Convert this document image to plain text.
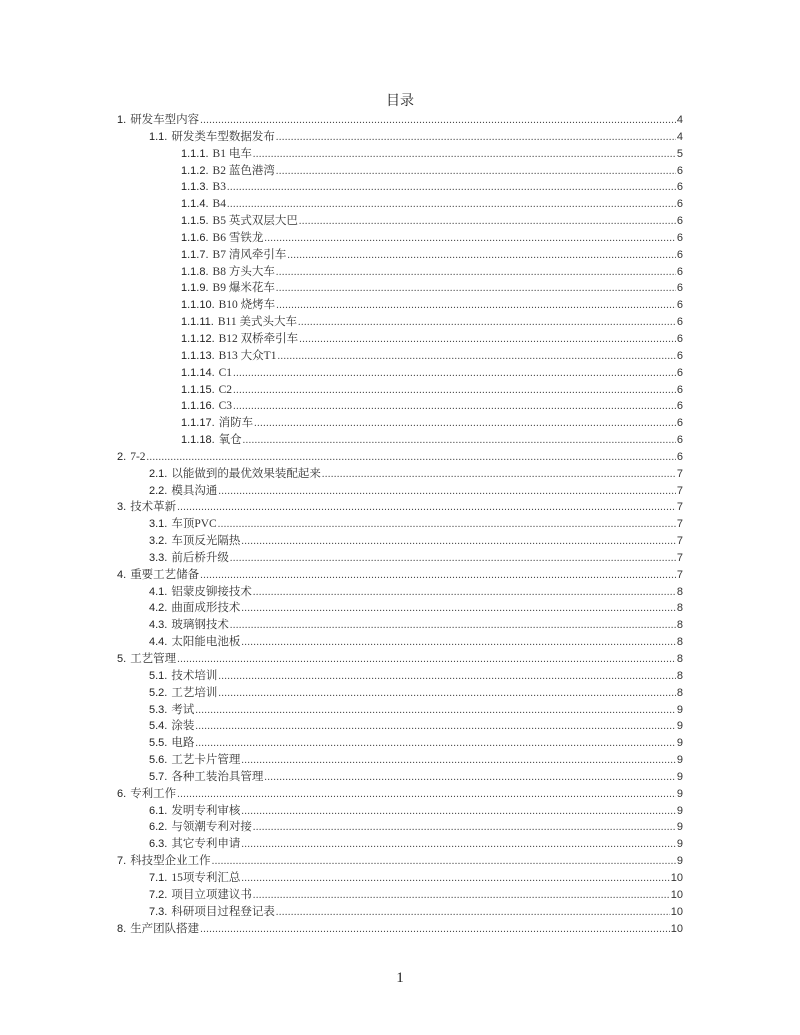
目录
1. 研发车型内容 .....	4
1.1. 研发类车型数据发布 .....	4
1.1.1. B1 电车 .....	5
1.1.2. B2 蓝色港湾 .....	6
1.1.3. B3 .....	6
1.1.4. B4 .....	6
1.1.5. B5 英式双层大巴 .....	6
1.1.6. B6 雪铁龙 .....	6
1.1.7. B7 清风牵引车 .....	6
1.1.8. B8 方头大车 .....	6
1.1.9. B9 爆米花车 .....	6
1.1.10. B10 烧烤车 .....	6
1.1.11. B11 美式头大车 .....	6
1.1.12. B12 双桥牵引车 .....	6
1.1.13. B13 大众T1 .....	6
1.1.14. C1 .....	6
1.1.15. C2 .....	6
1.1.16. C3 .....	6
1.1.17. 消防车 .....	6
1.1.18. 氧仓 .....	6
2. 7-2 .....	6
2.1. 以能做到的最优效果装配起来 .....	7
2.2. 模具沟通 .....	7
3. 技术革新 .....	7
3.1. 车顶PVC .....	7
3.2. 车顶反光隔热 .....	7
3.3. 前后桥升级 .....	7
4. 重要工艺储备 .....	7
4.1. 铝蒙皮铆接技术 .....	8
4.2. 曲面成形技术 .....	8
4.3. 玻璃钢技术 .....	8
4.4. 太阳能电池板 .....	8
5. 工艺管理 .....	8
5.1. 技术培训 .....	8
5.2. 工艺培训 .....	8
5.3. 考试 .....	9
5.4. 涂装 .....	9
5.5. 电路 .....	9
5.6. 工艺卡片管理 .....	9
5.7. 各种工装治具管理 .....	9
6. 专利工作 .....	9
6.1. 发明专利审核 .....	9
6.2. 与领潮专利对接 .....	9
6.3. 其它专利申请 .....	9
7. 科技型企业工作 .....	9
7.1. 15项专利汇总 .....	10
7.2. 项目立项建议书 .....	10
7.3. 科研项目过程登记表 .....	10
8. 生产团队搭建 .....	10
1
